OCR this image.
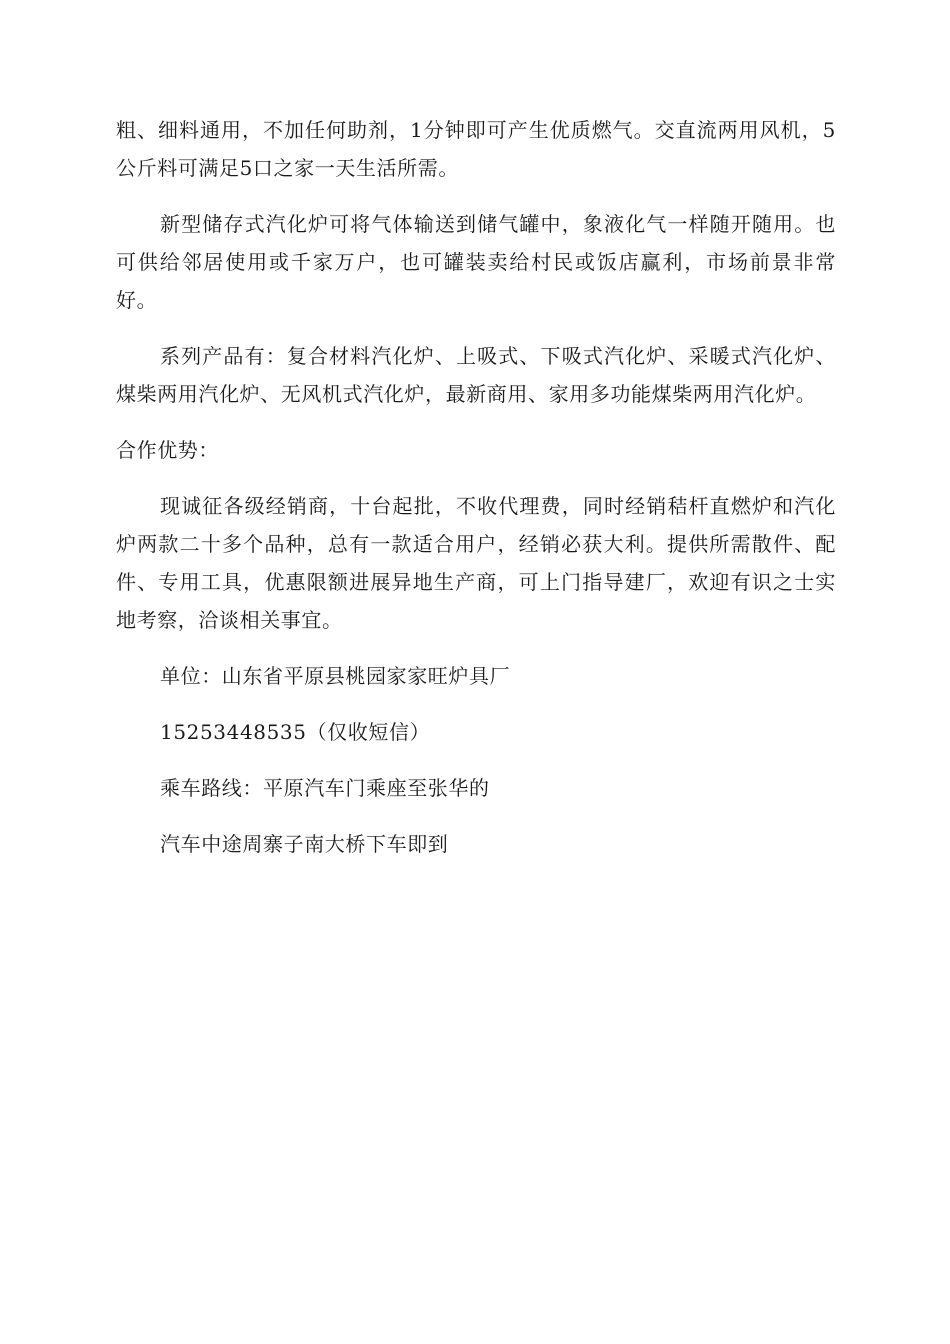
粗、细料通用，不加任何助剂，1分钟即可产生优质燃气。交直流两用风机，5公斤料可满足5口之家一天生活所需。

新型储存式汽化炉可将气体输送到储气罐中，象液化气一样随开随用。也可供给邻居使用或千家万户，也可罐装卖给村民或饭店赢利，市场前景非常好。

系列产品有：复合材料汽化炉、上吸式、下吸式汽化炉、采暖式汽化炉、煤柴两用汽化炉、无风机式汽化炉，最新商用、家用多功能煤柴两用汽化炉。

合作优势：

现诚征各级经销商，十台起批，不收代理费，同时经销秸杆直燃炉和汽化炉两款二十多个品种，总有一款适合用户，经销必获大利。提供所需散件、配件、专用工具，优惠限额进展异地生产商，可上门指导建厂，欢迎有识之士实地考察，洽谈相关事宜。

单位：山东省平原县桃园家家旺炉具厂

15253448535（仅收短信）

乘车路线：平原汽车门乘座至张华的

汽车中途周寨子南大桥下车即到
